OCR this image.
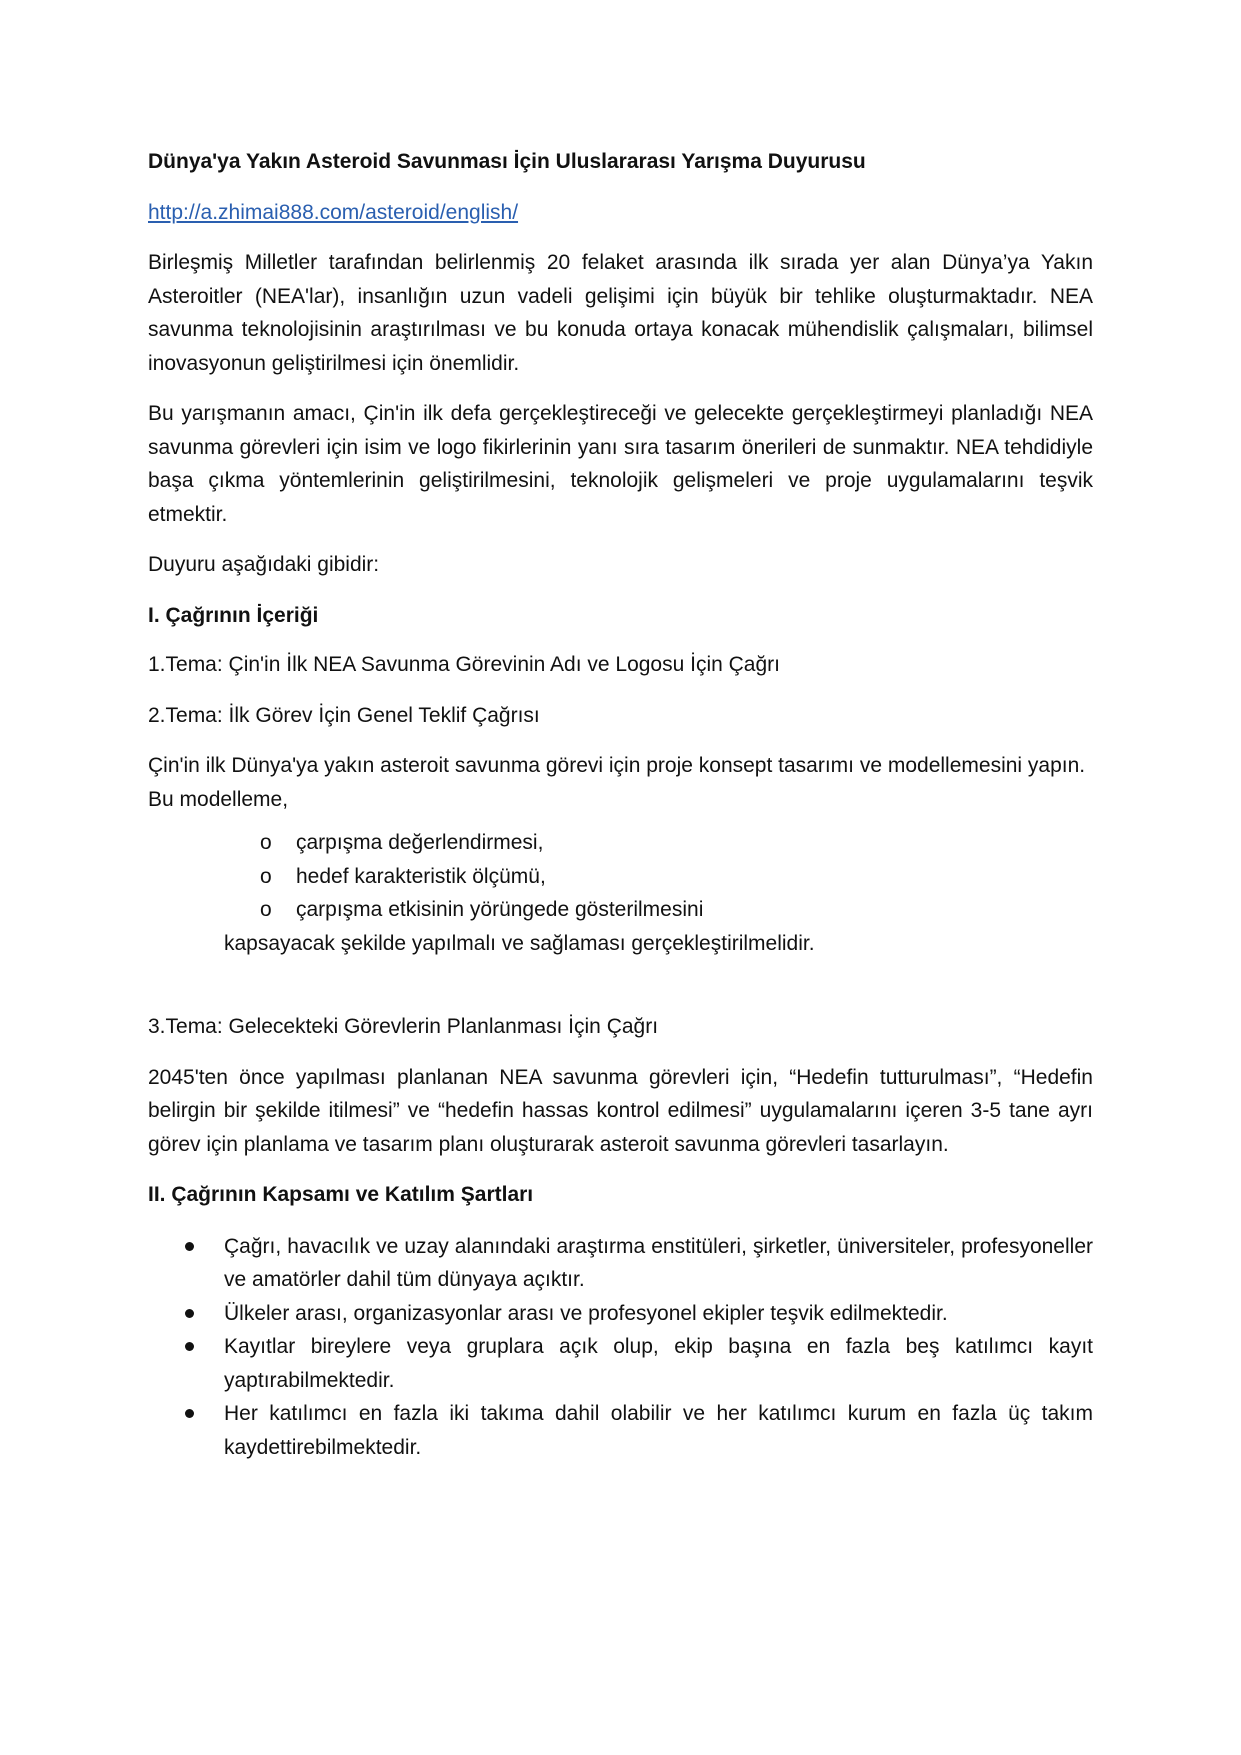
Dünya'ya Yakın Asteroid Savunması İçin Uluslararası Yarışma Duyurusu

http://a.zhimai888.com/asteroid/english/

Birleşmiş Milletler tarafından belirlenmiş 20 felaket arasında ilk sırada yer alan Dünya’ya Yakın Asteroitler (NEA'lar), insanlığın uzun vadeli gelişimi için büyük bir tehlike oluşturmaktadır. NEA savunma teknolojisinin araştırılması ve bu konuda ortaya konacak mühendislik çalışmaları, bilimsel inovasyonun geliştirilmesi için önemlidir.

Bu yarışmanın amacı, Çin'in ilk defa gerçekleştireceği ve gelecekte gerçekleştirmeyi planladığı NEA savunma görevleri için isim ve logo fikirlerinin yanı sıra tasarım önerileri de sunmaktır. NEA tehdidiyle başa çıkma yöntemlerinin geliştirilmesini, teknolojik gelişmeleri ve proje uygulamalarını teşvik etmektir.

Duyuru aşağıdaki gibidir:

I. Çağrının İçeriği

1.Tema: Çin'in İlk NEA Savunma Görevinin Adı ve Logosu İçin Çağrı

2.Tema: İlk Görev İçin Genel Teklif Çağrısı

Çin'in ilk Dünya'ya yakın asteroit savunma görevi için proje konsept tasarımı ve modellemesini yapın. Bu modelleme,

o çarpışma değerlendirmesi,
o hedef karakteristik ölçümü,
o çarpışma etkisinin yörüngede gösterilmesini

kapsayacak şekilde yapılmalı ve sağlaması gerçekleştirilmelidir.

3.Tema: Gelecekteki Görevlerin Planlanması İçin Çağrı

2045'ten önce yapılması planlanan NEA savunma görevleri için, “Hedefin tutturulması”, “Hedefin belirgin bir şekilde itilmesi” ve “hedefin hassas kontrol edilmesi” uygulamalarını içeren 3-5 tane ayrı görev için planlama ve tasarım planı oluşturarak asteroit savunma görevleri tasarlayın.

II. Çağrının Kapsamı ve Katılım Şartları

Çağrı, havacılık ve uzay alanındaki araştırma enstitüleri, şirketler, üniversiteler, profesyoneller ve amatörler dahil tüm dünyaya açıktır.
Ülkeler arası, organizasyonlar arası ve profesyonel ekipler teşvik edilmektedir.
Kayıtlar bireylere veya gruplara açık olup, ekip başına en fazla beş katılımcı kayıt yaptırabilmektedir.
Her katılımcı en fazla iki takıma dahil olabilir ve her katılımcı kurum en fazla üç takım kaydettirebilmektedir.
